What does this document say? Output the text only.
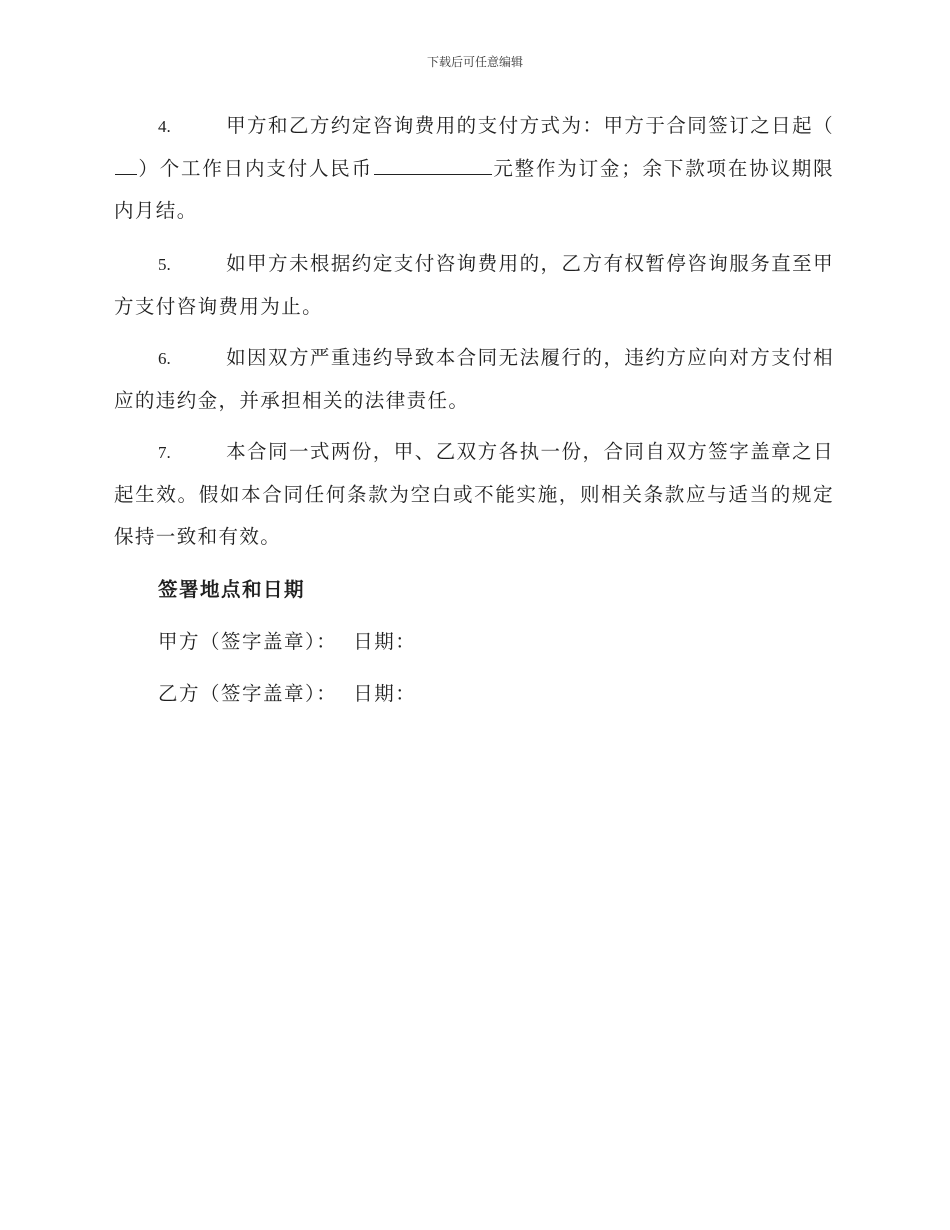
下载后可任意编辑

4.	甲方和乙方约定咨询费用的支付方式为：甲方于合同签订之日起（）个工作日内支付人民币	元整作为订金；余下款项在协议期限内月结。

5.	如甲方未根据约定支付咨询费用的，乙方有权暂停咨询服务直至甲方支付咨询费用为止。

6.	如因双方严重违约导致本合同无法履行的，违约方应向对方支付相应的违约金，并承担相关的法律责任。

7.	本合同一式两份，甲、乙双方各执一份，合同自双方签字盖章之日起生效。假如本合同任何条款为空白或不能实施，则相关条款应与适当的规定保持一致和有效。

签署地点和日期
甲方（签字盖章）： 日期：
乙方（签字盖章）： 日期：
